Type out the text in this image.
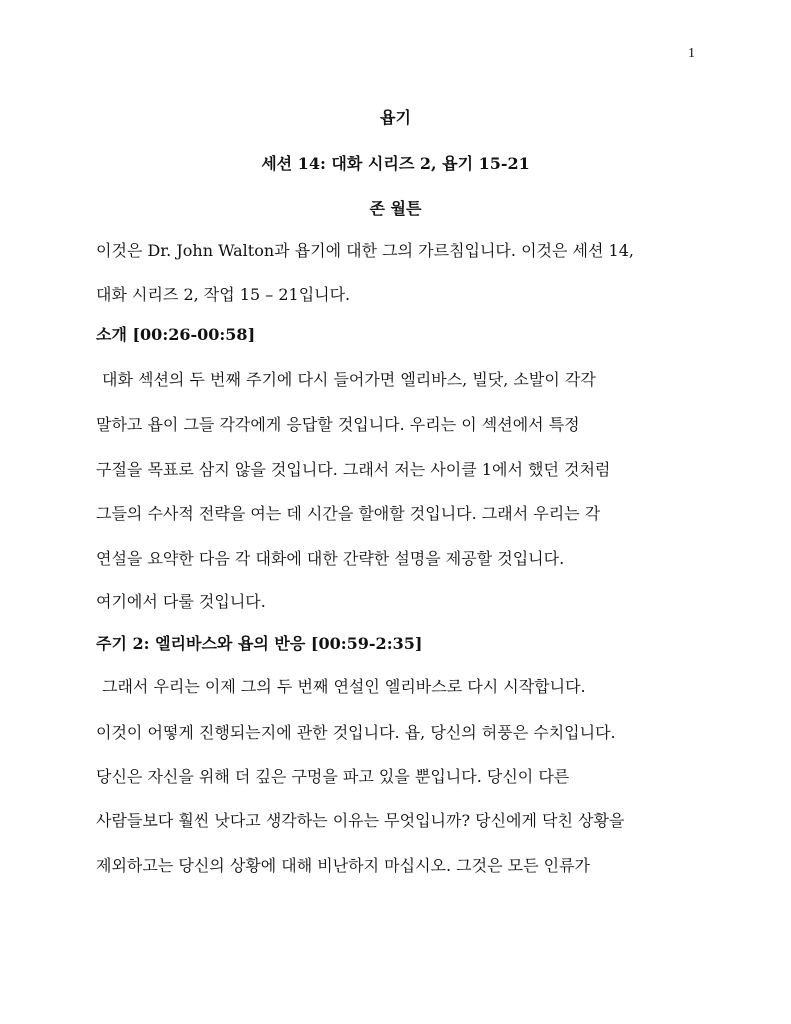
1
욥기
세션 14: 대화 시리즈 2, 욥기 15-21
존 월튼
이것은 Dr. John Walton과 욥기에 대한 그의 가르침입니다. 이것은 세션 14,
대화 시리즈 2, 작업 15 – 21입니다.
소개 [00:26-00:58]
대화 섹션의 두 번째 주기에 다시 들어가면 엘리바스, 빌닷, 소발이 각각
말하고 욥이 그들 각각에게 응답할 것입니다. 우리는 이 섹션에서 특정
구절을 목표로 삼지 않을 것입니다. 그래서 저는 사이클 1에서 했던 것처럼
그들의 수사적 전략을 여는 데 시간을 할애할 것입니다. 그래서 우리는 각
연설을 요약한 다음 각 대화에 대한 간략한 설명을 제공할 것입니다.
여기에서 다룰 것입니다.
주기 2: 엘리바스와 욥의 반응 [00:59-2:35]
그래서 우리는 이제 그의 두 번째 연설인 엘리바스로 다시 시작합니다.
이것이 어떻게 진행되는지에 관한 것입니다. 욥, 당신의 허풍은 수치입니다.
당신은 자신을 위해 더 깊은 구멍을 파고 있을 뿐입니다. 당신이 다른
사람들보다 훨씬 낫다고 생각하는 이유는 무엇입니까? 당신에게 닥친 상황을
제외하고는 당신의 상황에 대해 비난하지 마십시오. 그것은 모든 인류가
